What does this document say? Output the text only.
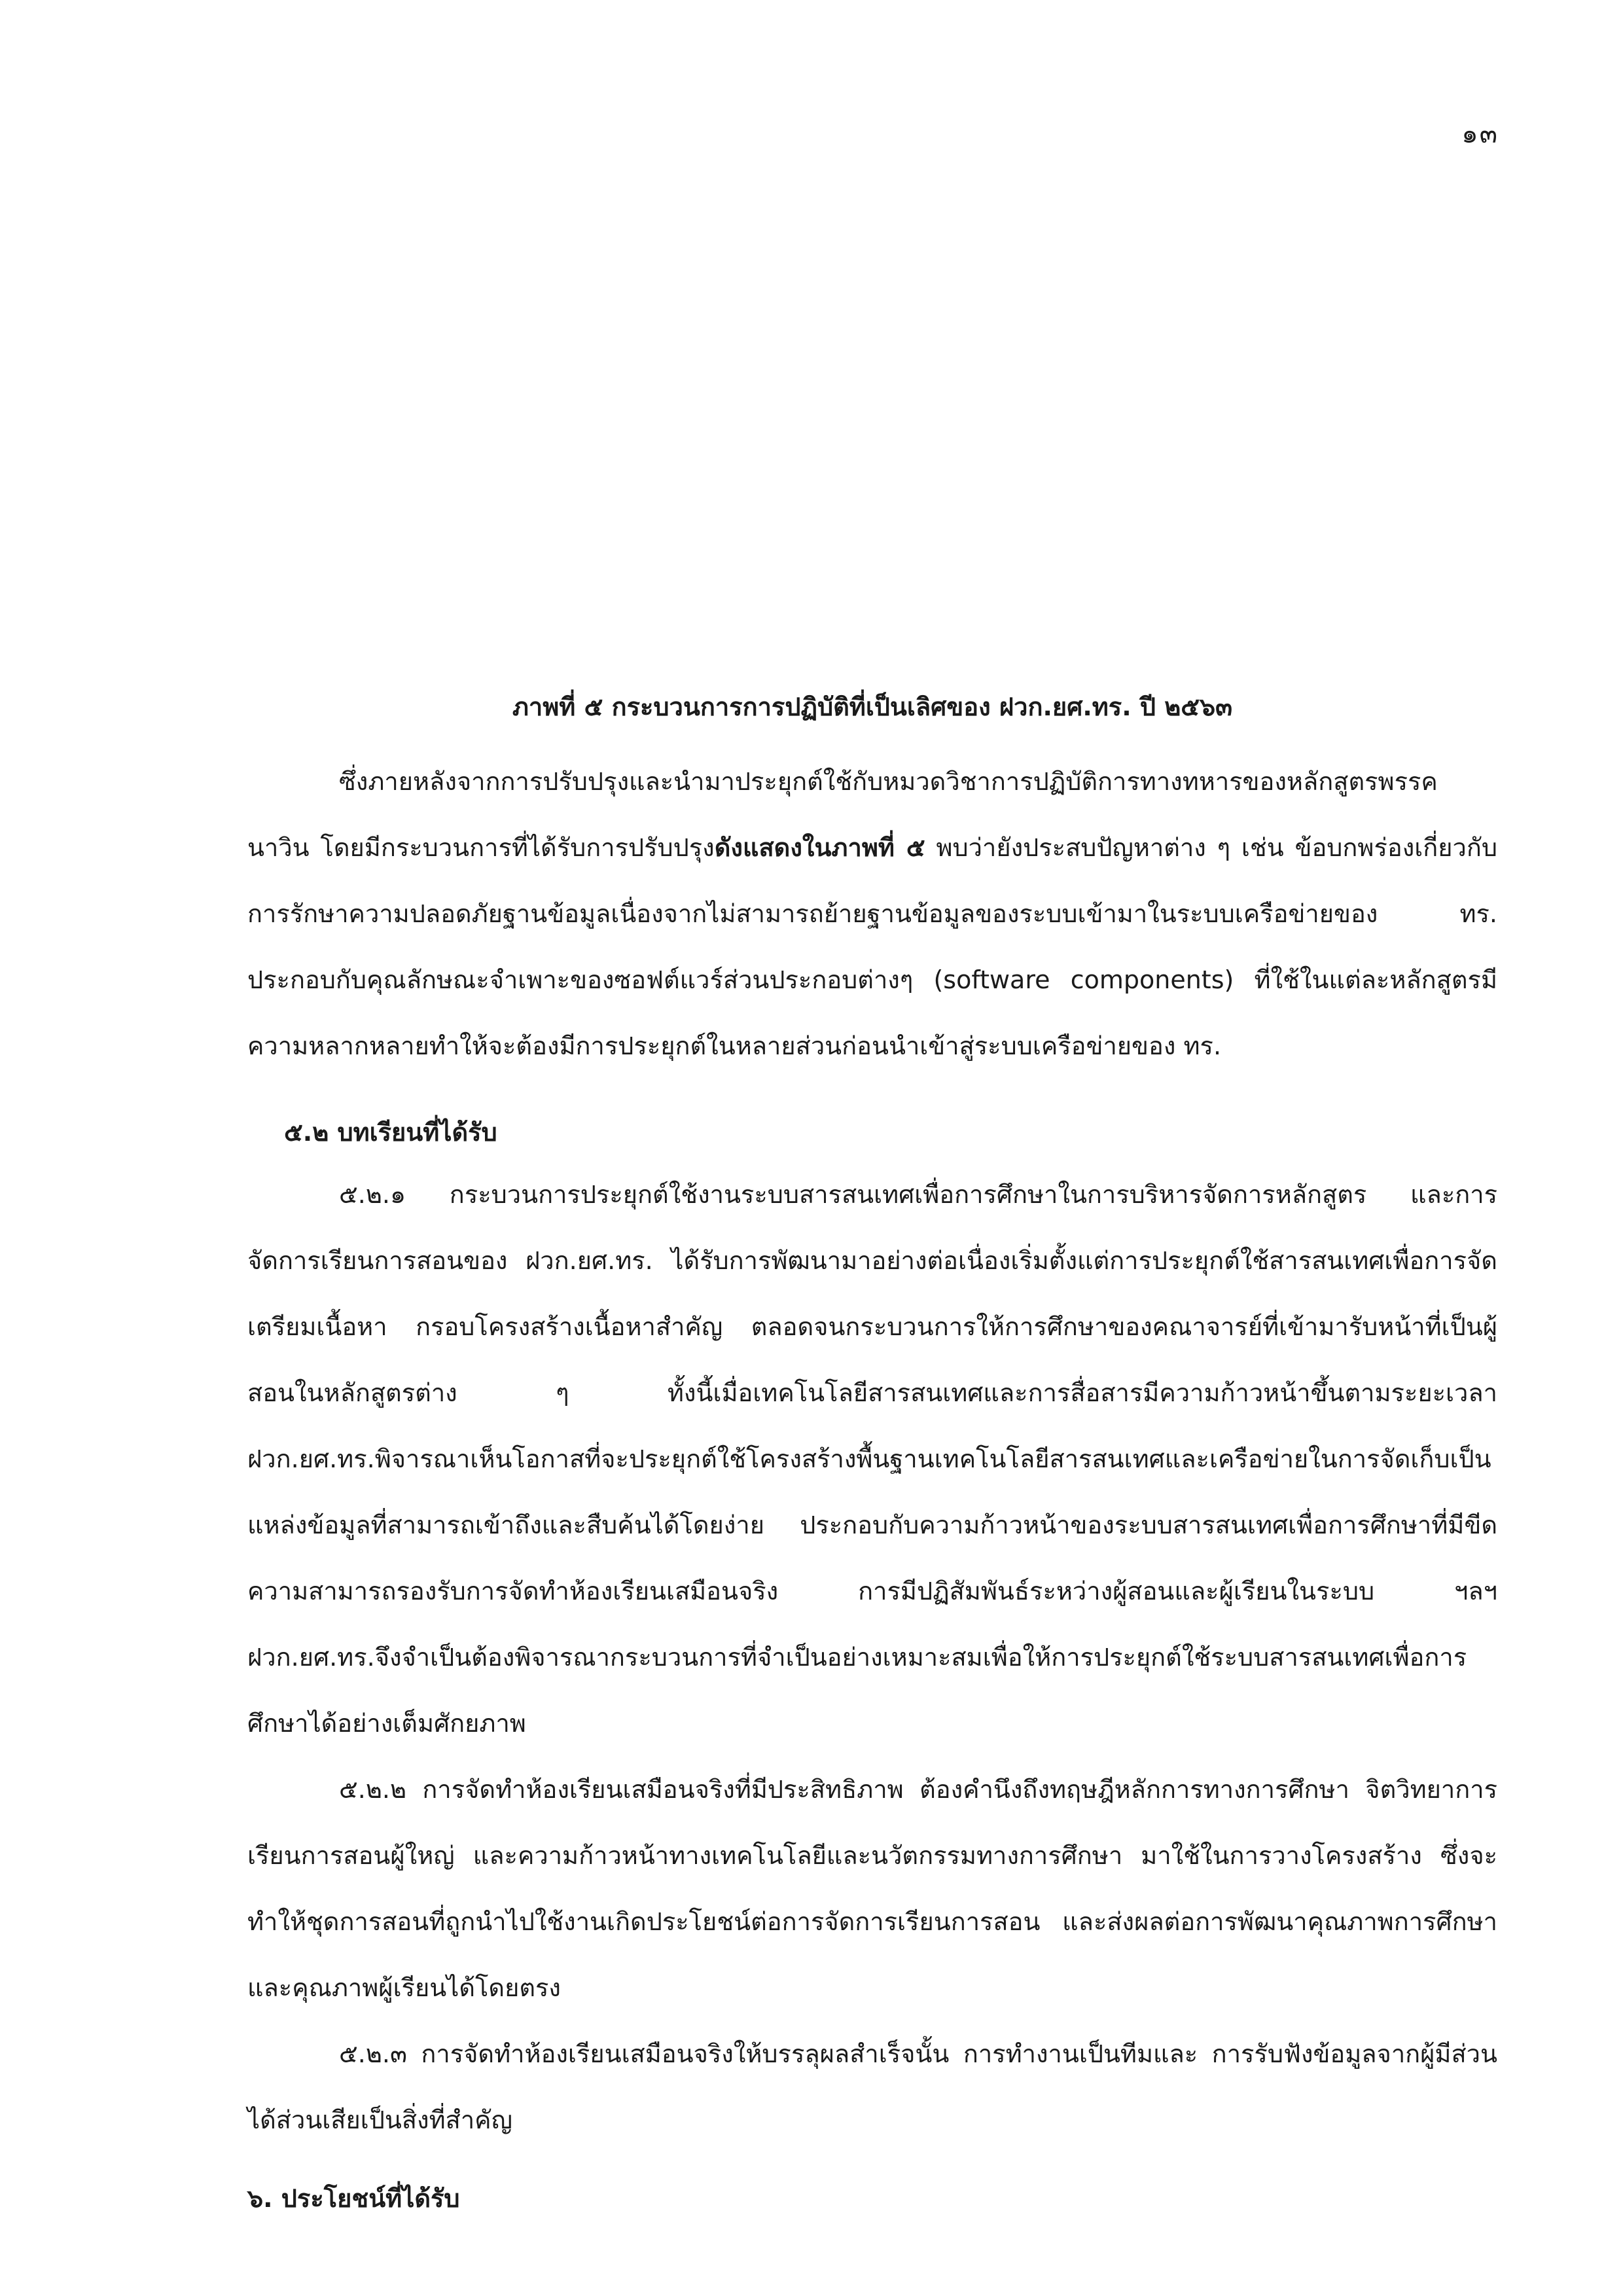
๑๓
ภาพที่ ๕ กระบวนการการปฏิบัติที่เป็นเลิศของ ฝวก.ยศ.ทร. ปี ๒๕๖๓

ซึ่งภายหลังจากการปรับปรุงและนำมาประยุกต์ใช้กับหมวดวิชาการปฏิบัติการทางทหารของหลักสูตรพรรคนาวิน โดยมีกระบวนการที่ได้รับการปรับปรุงดังแสดงในภาพที่ ๕ พบว่ายังประสบปัญหาต่าง ๆ เช่น ข้อบกพร่องเกี่ยวกับการรักษาความปลอดภัยฐานข้อมูลเนื่องจากไม่สามารถย้ายฐานข้อมูลของระบบเข้ามาในระบบเครือข่ายของ ทร. ประกอบกับคุณลักษณะจำเพาะของซอฟต์แวร์ส่วนประกอบต่างๆ (software components) ที่ใช้ในแต่ละหลักสูตรมีความหลากหลายทำให้จะต้องมีการประยุกต์ในหลายส่วนก่อนนำเข้าสู่ระบบเครือข่ายของ ทร.

๕.๒ บทเรียนที่ได้รับ

๕.๒.๑ กระบวนการประยุกต์ใช้งานระบบสารสนเทศเพื่อการศึกษาในการบริหารจัดการหลักสูตร และการจัดการเรียนการสอนของ ฝวก.ยศ.ทร. ได้รับการพัฒนามาอย่างต่อเนื่องเริ่มตั้งแต่การประยุกต์ใช้สารสนเทศเพื่อการจัดเตรียมเนื้อหา กรอบโครงสร้างเนื้อหาสำคัญ ตลอดจนกระบวนการให้การศึกษาของคณาจารย์ที่เข้ามารับหน้าที่เป็นผู้สอนในหลักสูตรต่าง ๆ ทั้งนี้เมื่อเทคโนโลยีสารสนเทศและการสื่อสารมีความก้าวหน้าขึ้นตามระยะเวลา ฝวก.ยศ.ทร.พิจารณาเห็นโอกาสที่จะประยุกต์ใช้โครงสร้างพื้นฐานเทคโนโลยีสารสนเทศและเครือข่ายในการจัดเก็บเป็นแหล่งข้อมูลที่สามารถเข้าถึงและสืบค้นได้โดยง่าย ประกอบกับความก้าวหน้าของระบบสารสนเทศเพื่อการศึกษาที่มีขีดความสามารถรองรับการจัดทำห้องเรียนเสมือนจริง การมีปฏิสัมพันธ์ระหว่างผู้สอนและผู้เรียนในระบบ ฯลฯ ฝวก.ยศ.ทร.จึงจำเป็นต้องพิจารณากระบวนการที่จำเป็นอย่างเหมาะสมเพื่อให้การประยุกต์ใช้ระบบสารสนเทศเพื่อการศึกษาได้อย่างเต็มศักยภาพ

๕.๒.๒ การจัดทำห้องเรียนเสมือนจริงที่มีประสิทธิภาพ ต้องคำนึงถึงทฤษฎีหลักการทางการศึกษา จิตวิทยาการเรียนการสอนผู้ใหญ่ และความก้าวหน้าทางเทคโนโลยีและนวัตกรรมทางการศึกษา มาใช้ในการวางโครงสร้าง ซึ่งจะทำให้ชุดการสอนที่ถูกนำไปใช้งานเกิดประโยชน์ต่อการจัดการเรียนการสอน และส่งผลต่อการพัฒนาคุณภาพการศึกษาและคุณภาพผู้เรียนได้โดยตรง

๕.๒.๓ การจัดทำห้องเรียนเสมือนจริงให้บรรลุผลสำเร็จนั้น การทำงานเป็นทีมและ การรับฟังข้อมูลจากผู้มีส่วนได้ส่วนเสียเป็นสิ่งที่สำคัญ

๖. ประโยชน์ที่ได้รับ
